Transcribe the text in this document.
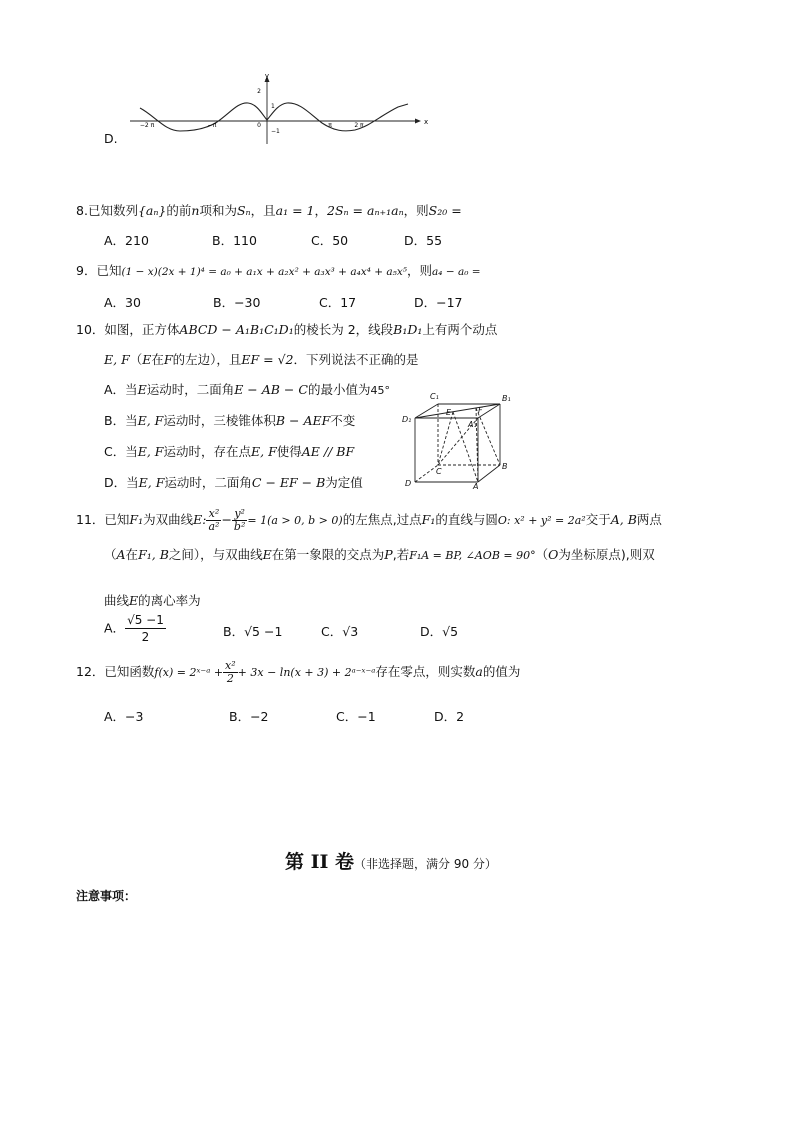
D.
y
x
2
1
−1
0
−2 π	−π	π	2 π
8.已知数列{aₙ}的前n项和为Sₙ，且a₁ = 1，2Sₙ = aₙ₊₁aₙ，则S₂₀ =
A．210	B．110	C．50	D．55
9．已知(1 − x)(2x + 1)⁴ = a₀ + a₁x + a₂x² + a₃x³ + a₄x⁴ + a₅x⁵，则a₄ − a₀ =
A．30	B．−30	C．17	D．−17
10．如图，正方体ABCD − A₁B₁C₁D₁的棱长为 2，线段B₁D₁上有两个动点
E, F（E在F的左边），且EF = √2．下列说法不正确的是
A．当E运动时，二面角E − AB − C的最小值为45°
B．当E, F运动时，三棱锥体积B − AEF不变
C．当E, F运动时，存在点E, F使得AE // BF
D．当E, F运动时，二面角C − EF − B为定值
C₁	B₁
D₁
A₁
E	F
C
B
D	A
11．已知F₁为双曲线E: $\frac{\text{x²}}{\text{a²}} - \frac{\text{y²}}{\text{b²}} = 1(a > 0$, b > 0)的左焦点,过点F₁的直线与圆O: x² + y² = 2a²交于A, B两点
（A在F₁, B之间），与双曲线E在第一象限的交点为P,若F₁A = BP, ∠AOB = 90°（O为坐标原点),则双
曲线E的离心率为
A． $\frac{√5 -1}{2}$	B．√5 −1	C．√3	D．√5
12．已知函数f(x) = 2ˣ⁻ᵃ + $\frac{\text{x²}}{2} + 3x - \ln(x + 3)$ + 2ᵃ⁻ˣ⁻ᵃ存在零点，则实数a的值为
A．−3	B．−2	C．−1	D．2
第 II 卷（非选择题，满分 90 分）
注意事项：
